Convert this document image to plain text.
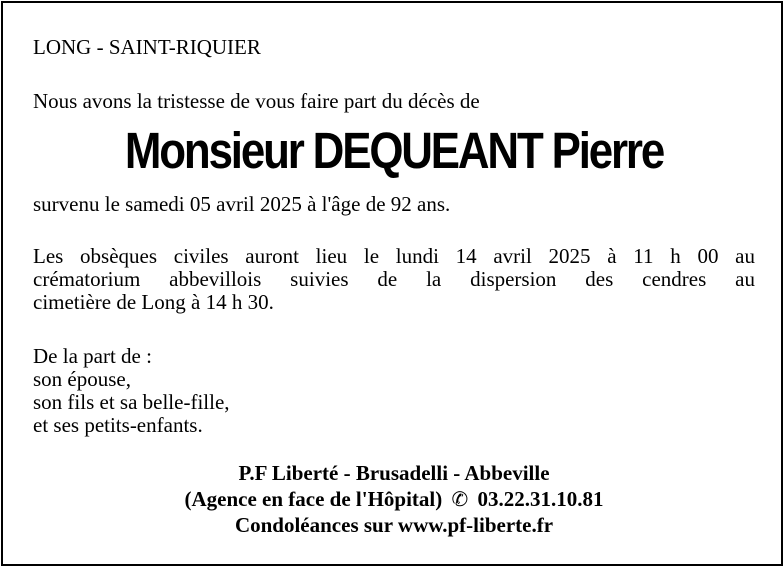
LONG - SAINT-RIQUIER
Nous avons la tristesse de vous faire part du décès de
Monsieur DEQUEANT Pierre
survenu le samedi 05 avril 2025 à l'âge de 92 ans.
Les obsèques civiles auront lieu le lundi 14 avril 2025 à 11 h 00 au
crématorium abbevillois suivies de la dispersion des cendres au
cimetière de Long à 14 h 30.
De la part de :
son épouse,
son fils et sa belle-fille,
et ses petits-enfants.
P.F Liberté - Brusadelli - Abbeville
(Agence en face de l'Hôpital) ✆ 03.22.31.10.81
Condoléances sur www.pf-liberte.fr
